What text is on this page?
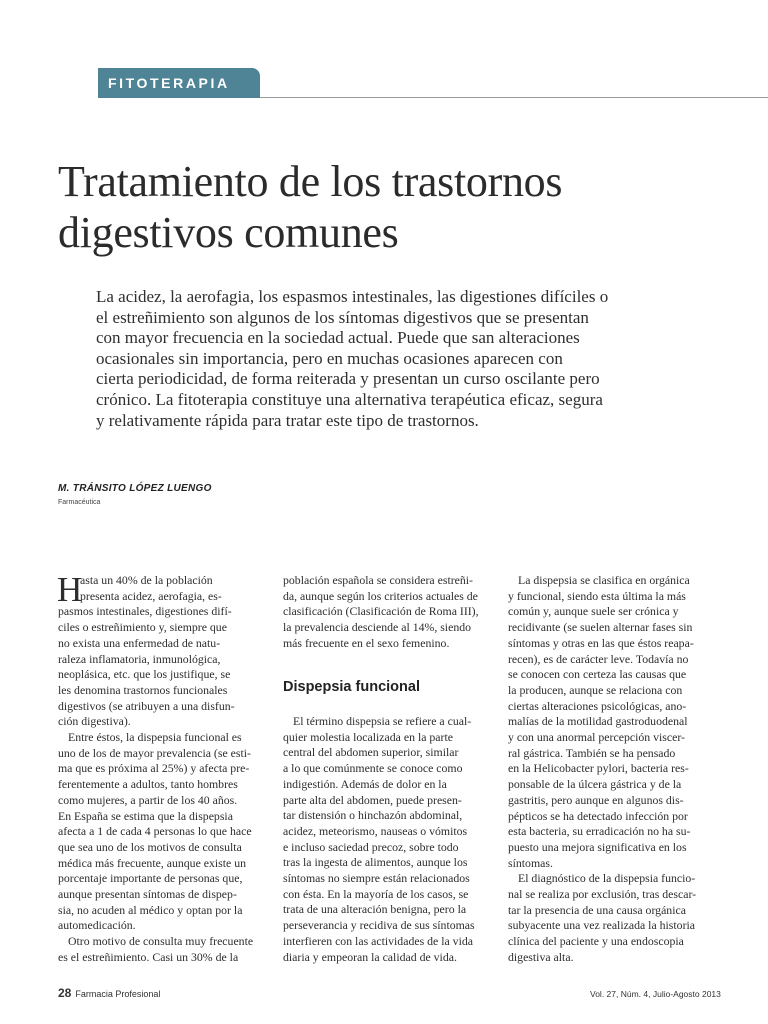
FITOTERAPIA
Tratamiento de los trastornos
digestivos comunes
La acidez, la aerofagia, los espasmos intestinales, las digestiones difíciles o
el estreñimiento son algunos de los síntomas digestivos que se presentan
con mayor frecuencia en la sociedad actual. Puede que san alteraciones
ocasionales sin importancia, pero en muchas ocasiones aparecen con
cierta periodicidad, de forma reiterada y presentan un curso oscilante pero
crónico. La fitoterapia constituye una alternativa terapéutica eficaz, segura
y relativamente rápida para tratar este tipo de trastornos.
M. TRÁNSITO LÓPEZ LUENGO
Farmacéutica
H
asta un 40% de la población
presenta acidez, aerofagia, es-
pasmos intestinales, digestiones difí-
ciles o estreñimiento y, siempre que
no exista una enfermedad de natu-
raleza inflamatoria, inmunológica,
neoplásica, etc. que los justifique, se
les denomina trastornos funcionales
digestivos (se atribuyen a una disfun-
ción digestiva).
Entre éstos, la dispepsia funcional es
uno de los de mayor prevalencia (se esti-
ma que es próxima al 25%) y afecta pre-
ferentemente a adultos, tanto hombres
como mujeres, a partir de los 40 años.
En España se estima que la dispepsia
afecta a 1 de cada 4 personas lo que hace
que sea uno de los motivos de consulta
médica más frecuente, aunque existe un
porcentaje importante de personas que,
aunque presentan síntomas de dispep-
sia, no acuden al médico y optan por la
automedicación.
Otro motivo de consulta muy frecuente
es el estreñimiento. Casi un 30% de la
población española se considera estreñi-
da, aunque según los criterios actuales de
clasificación (Clasificación de Roma III),
la prevalencia desciende al 14%, siendo
más frecuente en el sexo femenino.
Dispepsia funcional
El término dispepsia se refiere a cual-
quier molestia localizada en la parte
central del abdomen superior, similar
a lo que comúnmente se conoce como
indigestión. Además de dolor en la
parte alta del abdomen, puede presen-
tar distensión o hinchazón abdominal,
acidez, meteorismo, nauseas o vómitos
e incluso saciedad precoz, sobre todo
tras la ingesta de alimentos, aunque los
síntomas no siempre están relacionados
con ésta. En la mayoría de los casos, se
trata de una alteración benigna, pero la
perseverancia y recidiva de sus síntomas
interfieren con las actividades de la vida
diaria y empeoran la calidad de vida.
La dispepsia se clasifica en orgánica
y funcional, siendo esta última la más
común y, aunque suele ser crónica y
recidivante (se suelen alternar fases sin
síntomas y otras en las que éstos reapa-
recen), es de carácter leve. Todavía no
se conocen con certeza las causas que
la producen, aunque se relaciona con
ciertas alteraciones psicológicas, ano-
malías de la motilidad gastroduodenal
y con una anormal percepción viscer-
ral gástrica. También se ha pensado
en la Helicobacter pylori, bacteria res-
ponsable de la úlcera gástrica y de la
gastritis, pero aunque en algunos dis-
pépticos se ha detectado infección por
esta bacteria, su erradicación no ha su-
puesto una mejora significativa en los
síntomas.
El diagnóstico de la dispepsia funcio-
nal se realiza por exclusión, tras descar-
tar la presencia de una causa orgánica
subyacente una vez realizada la historia
clínica del paciente y una endoscopia
digestiva alta.
28 Farmacia Profesional	Vol. 27, Núm. 4, Julio-Agosto 2013
